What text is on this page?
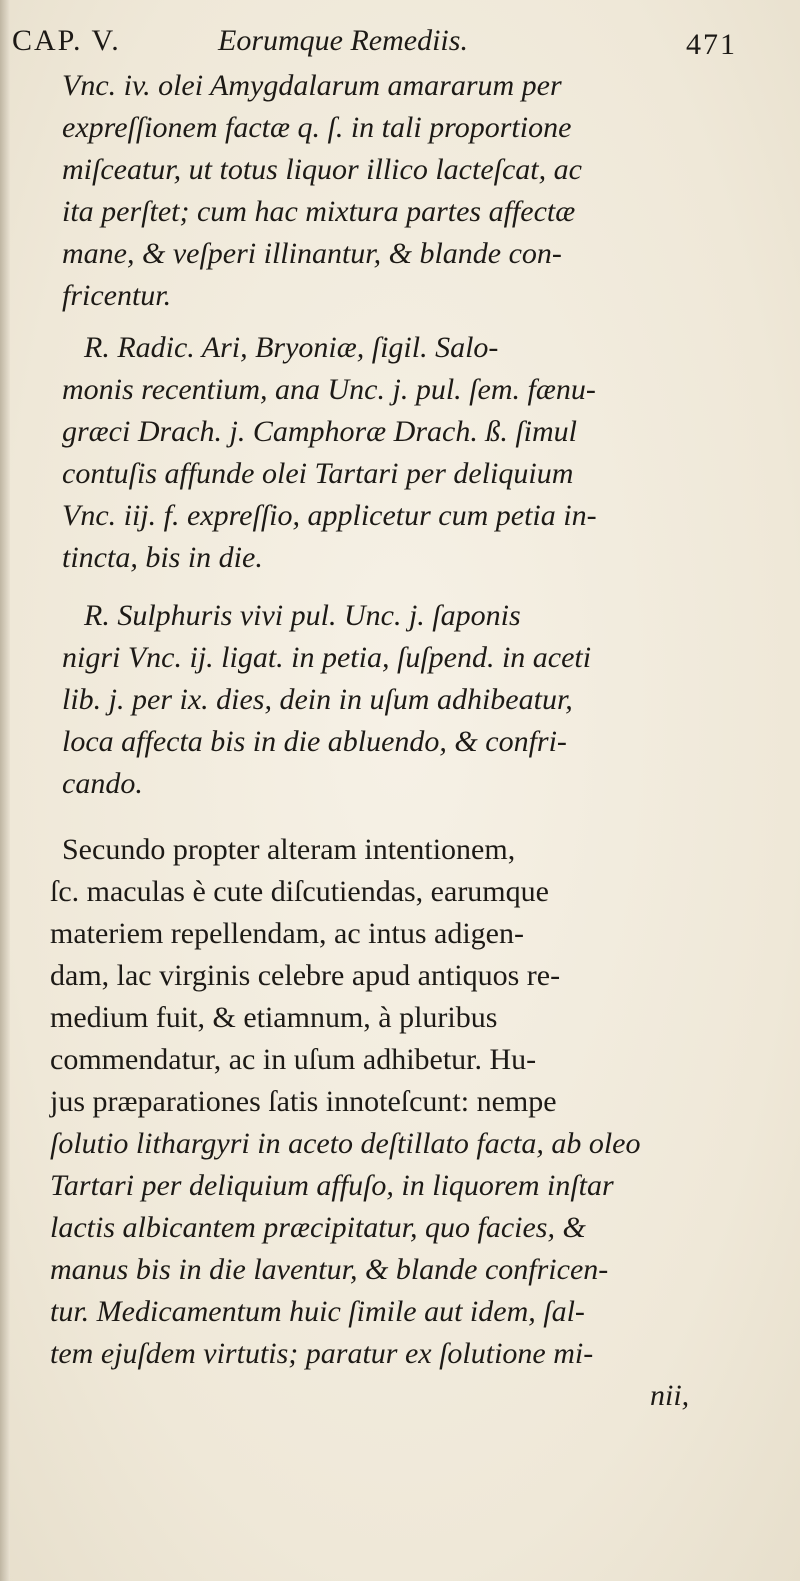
CAP. V.	Eorumque Remediis.	471
Vnc. iv. olei Amygdalarum amararum per
expreſſionem factæ q. ſ. in tali proportione
miſceatur, ut totus liquor illico lacteſcat, ac
ita perſtet; cum hac mixtura partes affectæ
mane, & veſperi illinantur, & blande con-
fricentur.
R. Radic. Ari, Bryoniæ, ſigil. Salo-
monis recentium, ana Unc. j. pul. ſem. fænu-
græci Drach. j. Camphoræ Drach. ß. ſimul
contuſis affunde olei Tartari per deliquium
Vnc. iij. f. expreſſio, applicetur cum petia in-
tincta, bis in die.
R. Sulphuris vivi pul. Unc. j. ſaponis
nigri Vnc. ij. ligat. in petia, ſuſpend. in aceti
lib. j. per ix. dies, dein in uſum adhibeatur,
loca affecta bis in die abluendo, & confri-
cando.
Secundo propter alteram intentionem,
ſc. maculas è cute diſcutiendas, earumque
materiem repellendam, ac intus adigen-
dam, lac virginis celebre apud antiquos re-
medium fuit, & etiamnum, à pluribus
commendatur, ac in uſum adhibetur. Hu-
jus præparationes ſatis innoteſcunt: nempe
ſolutio lithargyri in aceto deſtillato facta, ab oleo
Tartari per deliquium affuſo, in liquorem inſtar
lactis albicantem præcipitatur, quo facies, &
manus bis in die laventur, & blande confricen-
tur. Medicamentum huic ſimile aut idem, ſal-
tem ejuſdem virtutis; paratur ex ſolutione mi-
nii,
